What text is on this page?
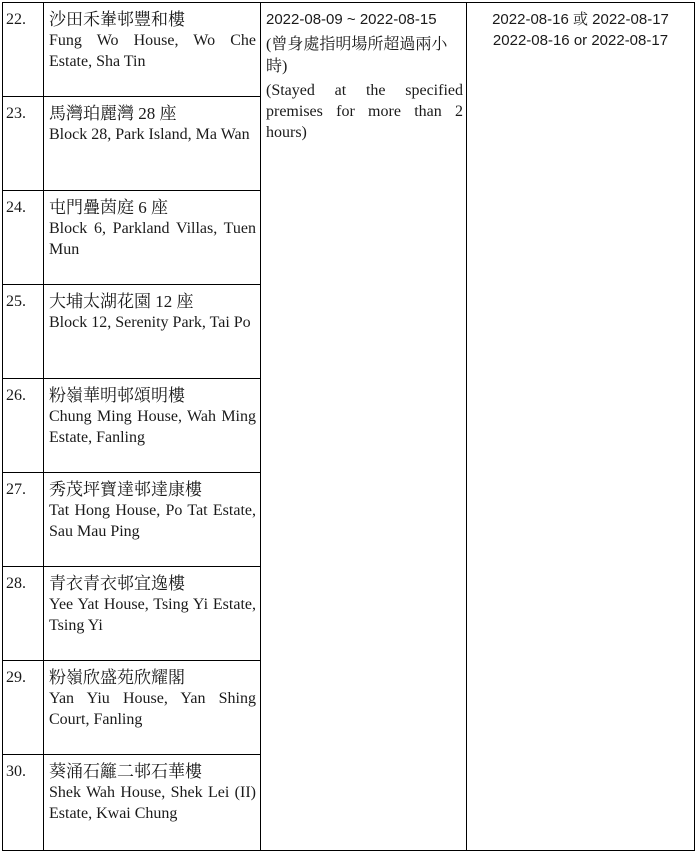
22.	沙田禾輋邨豐和樓
Fung Wo House, Wo Che Estate, Sha Tin
23.	馬灣珀麗灣 28 座
Block 28, Park Island, Ma Wan
24.	屯門疊茵庭 6 座
Block 6, Parkland Villas, Tuen Mun
25.	大埔太湖花園 12 座
Block 12, Serenity Park, Tai Po
26.	粉嶺華明邨頌明樓
Chung Ming House, Wah Ming Estate, Fanling
27.	秀茂坪寶達邨達康樓
Tat Hong House, Po Tat Estate, Sau Mau Ping
28.	青衣青衣邨宜逸樓
Yee Yat House, Tsing Yi Estate, Tsing Yi
29.	粉嶺欣盛苑欣耀閣
Yan Yiu House, Yan Shing Court, Fanling
30.	葵涌石籬二邨石華樓
Shek Wah House, Shek Lei (II) Estate, Kwai Chung
2022-08-09 ~ 2022-08-15
(曾身處指明場所超過兩小時)
(Stayed at the specified premises for more than 2 hours)
2022-08-16 或 2022-08-17
2022-08-16 or 2022-08-17
